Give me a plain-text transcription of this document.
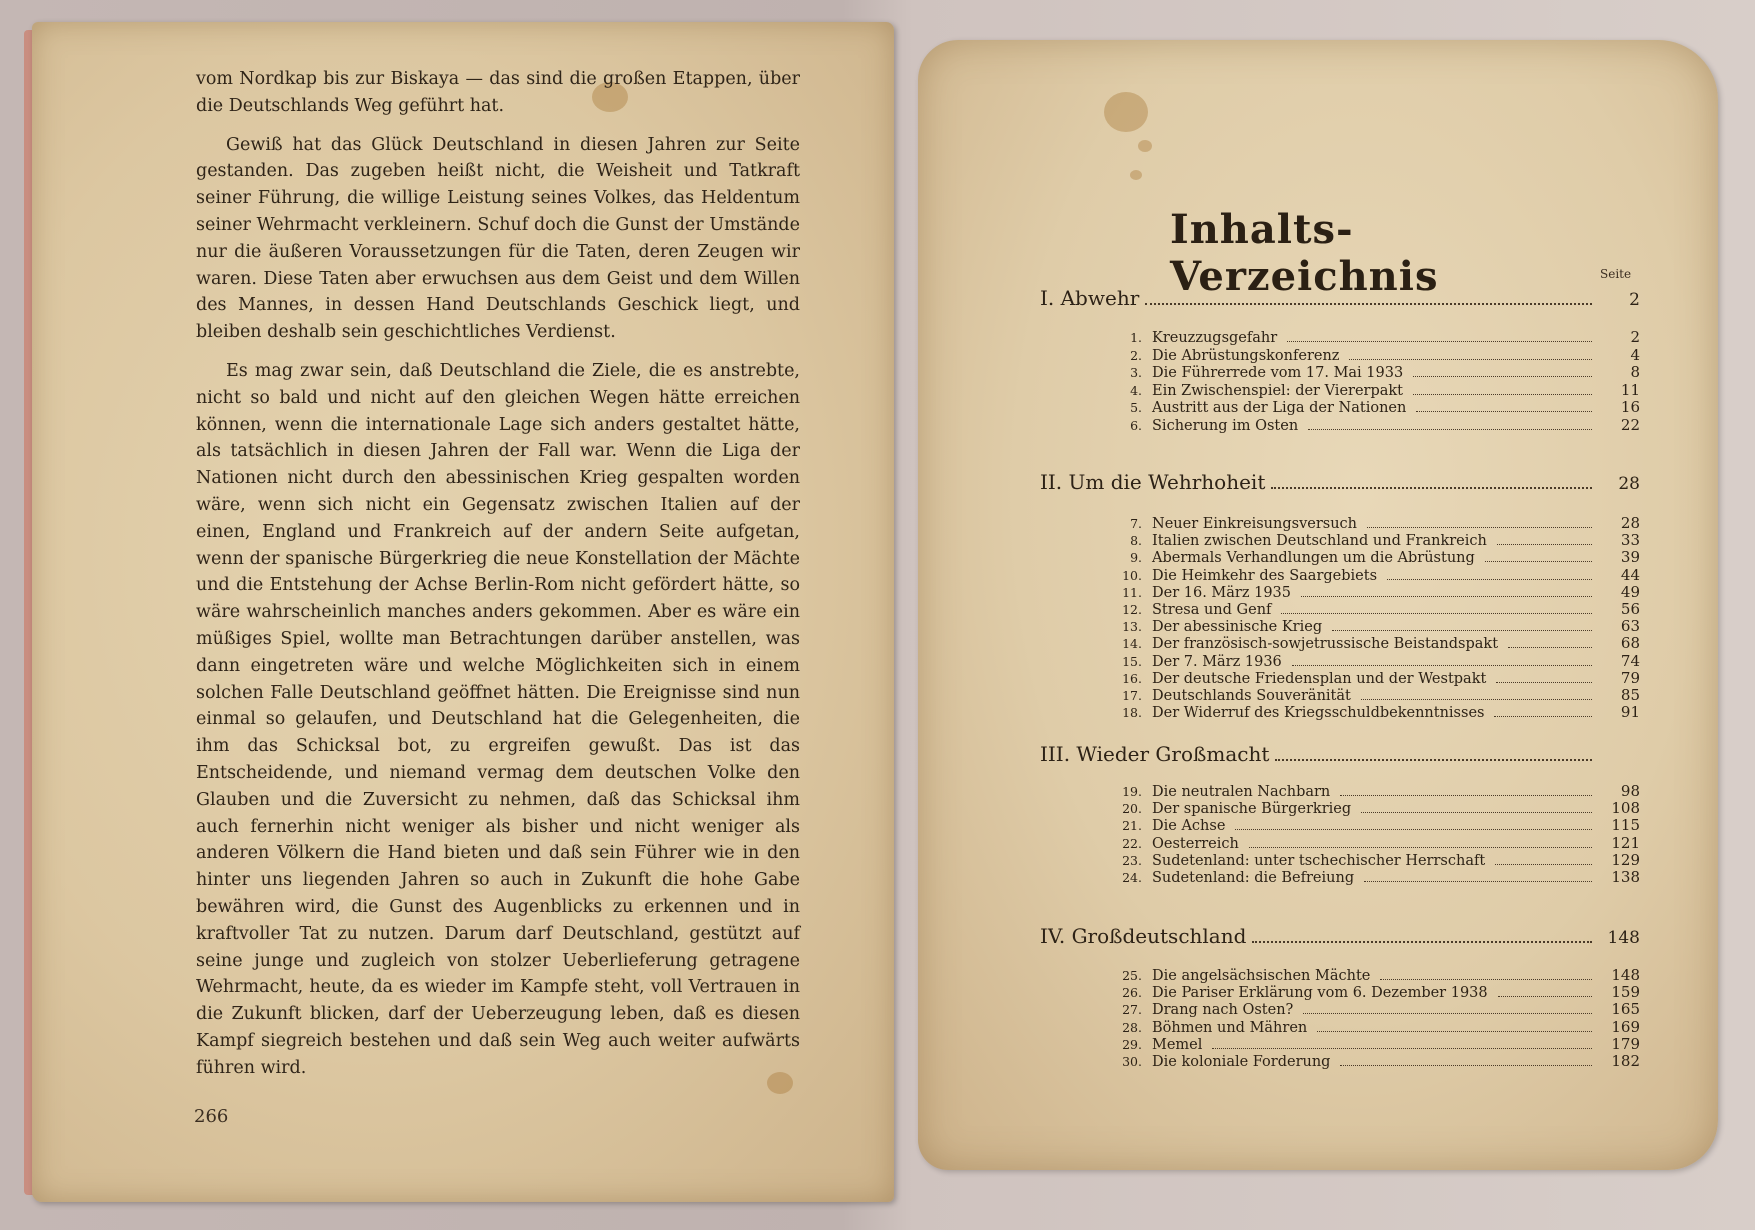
vom Nordkap bis zur Biskaya — das sind die großen Etappen, über die Deutschlands Weg geführt hat.

Gewiß hat das Glück Deutschland in diesen Jahren zur Seite gestanden. Das zugeben heißt nicht, die Weisheit und Tatkraft seiner Führung, die willige Leistung seines Volkes, das Heldentum seiner Wehrmacht verkleinern. Schuf doch die Gunst der Umstände nur die äußeren Voraussetzungen für die Taten, deren Zeugen wir waren. Diese Taten aber erwuchsen aus dem Geist und dem Willen des Mannes, in dessen Hand Deutschlands Geschick liegt, und bleiben deshalb sein geschichtliches Verdienst.

Es mag zwar sein, daß Deutschland die Ziele, die es anstrebte, nicht so bald und nicht auf den gleichen Wegen hätte erreichen können, wenn die internationale Lage sich anders gestaltet hätte, als tatsächlich in diesen Jahren der Fall war. Wenn die Liga der Nationen nicht durch den abessinischen Krieg gespalten worden wäre, wenn sich nicht ein Gegensatz zwischen Italien auf der einen, England und Frankreich auf der andern Seite aufgetan, wenn der spanische Bürgerkrieg die neue Konstellation der Mächte und die Entstehung der Achse Berlin-Rom nicht gefördert hätte, so wäre wahrscheinlich manches anders gekommen. Aber es wäre ein müßiges Spiel, wollte man Betrachtungen darüber anstellen, was dann eingetreten wäre und welche Möglichkeiten sich in einem solchen Falle Deutschland geöffnet hätten. Die Ereignisse sind nun einmal so gelaufen, und Deutschland hat die Gelegenheiten, die ihm das Schicksal bot, zu ergreifen gewußt. Das ist das Entscheidende, und niemand vermag dem deutschen Volke den Glauben und die Zuversicht zu nehmen, daß das Schicksal ihm auch fernerhin nicht weniger als bisher und nicht weniger als anderen Völkern die Hand bieten und daß sein Führer wie in den hinter uns liegenden Jahren so auch in Zukunft die hohe Gabe bewähren wird, die Gunst des Augenblicks zu erkennen und in kraftvoller Tat zu nutzen. Darum darf Deutschland, gestützt auf seine junge und zugleich von stolzer Ueberlieferung getragene Wehrmacht, heute, da es wieder im Kampfe steht, voll Vertrauen in die Zukunft blicken, darf der Ueberzeugung leben, daß es diesen Kampf siegreich bestehen und daß sein Weg auch weiter aufwärts führen wird.

266
Inhalts-Verzeichnis	Seite
I. Abwehr	2
1. Kreuzzugsgefahr	2
2. Die Abrüstungskonferenz	4
3. Die Führerrede vom 17. Mai 1933	8
4. Ein Zwischenspiel: der Viererpakt	11
5. Austritt aus der Liga der Nationen	16
6. Sicherung im Osten	22
II. Um die Wehrhoheit	28
7. Neuer Einkreisungsversuch	28
8. Italien zwischen Deutschland und Frankreich	33
9. Abermals Verhandlungen um die Abrüstung	39
10. Die Heimkehr des Saargebiets	44
11. Der 16. März 1935	49
12. Stresa und Genf	56
13. Der abessinische Krieg	63
14. Der französisch-sowjetrussische Beistandspakt	68
15. Der 7. März 1936	74
16. Der deutsche Friedensplan und der Westpakt	79
17. Deutschlands Souveränität	85
18. Der Widerruf des Kriegsschuldbekenntnisses	91
III. Wieder Großmacht
19. Die neutralen Nachbarn	98
20. Der spanische Bürgerkrieg	108
21. Die Achse	115
22. Oesterreich	121
23. Sudetenland: unter tschechischer Herrschaft	129
24. Sudetenland: die Befreiung	138
IV. Großdeutschland	148
25. Die angelsächsischen Mächte	148
26. Die Pariser Erklärung vom 6. Dezember 1938	159
27. Drang nach Osten?	165
28. Böhmen und Mähren	169
29. Memel	179
30. Die koloniale Forderung	182
